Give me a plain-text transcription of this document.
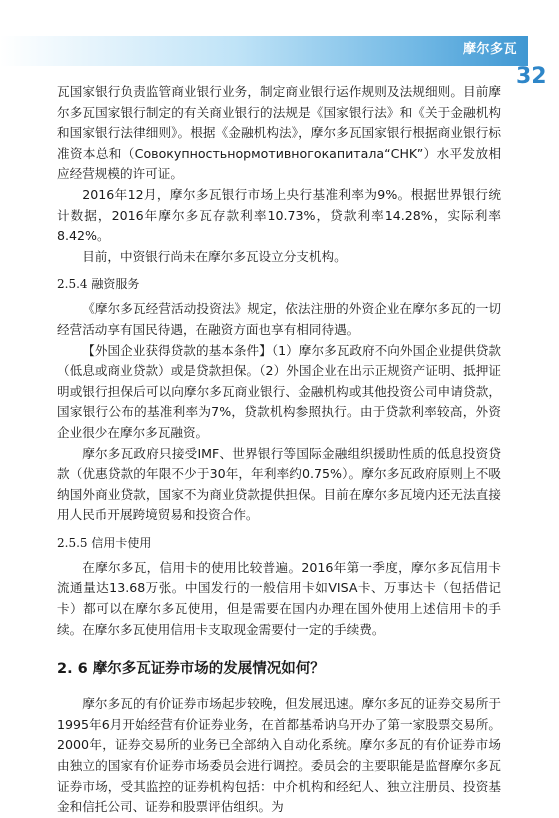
摩尔多瓦
32

瓦国家银行负责监管商业银行业务，制定商业银行运作规则及法规细则。目前摩尔多瓦国家银行制定的有关商业银行的法规是《国家银行法》和《关于金融机构和国家银行法律细则》。根据《金融机构法》，摩尔多瓦国家银行根据商业银行标准资本总和（Совокупностьнормотивногокапитала“CHK”）水平发放相应经营规模的许可证。

2016年12月，摩尔多瓦银行市场上央行基准利率为9%。根据世界银行统计数据，2016年摩尔多瓦存款利率10.73%，贷款利率14.28%，实际利率8.42%。

目前，中资银行尚未在摩尔多瓦设立分支机构。

2.5.4 融资服务

《摩尔多瓦经营活动投资法》规定，依法注册的外资企业在摩尔多瓦的一切经营活动享有国民待遇，在融资方面也享有相同待遇。

【外国企业获得贷款的基本条件】（1）摩尔多瓦政府不向外国企业提供贷款（低息或商业贷款）或是贷款担保。（2）外国企业在出示正规资产证明、抵押证明或银行担保后可以向摩尔多瓦商业银行、金融机构或其他投资公司申请贷款，国家银行公布的基准利率为7%，贷款机构参照执行。由于贷款利率较高，外资企业很少在摩尔多瓦融资。

摩尔多瓦政府只接受IMF、世界银行等国际金融组织援助性质的低息投资贷款（优惠贷款的年限不少于30年，年利率约0.75%）。摩尔多瓦政府原则上不吸纳国外商业贷款，国家不为商业贷款提供担保。目前在摩尔多瓦境内还无法直接用人民币开展跨境贸易和投资合作。

2.5.5 信用卡使用

在摩尔多瓦，信用卡的使用比较普遍。2016年第一季度，摩尔多瓦信用卡流通量达13.68万张。中国发行的一般信用卡如VISA卡、万事达卡（包括借记卡）都可以在摩尔多瓦使用，但是需要在国内办理在国外使用上述信用卡的手续。在摩尔多瓦使用信用卡支取现金需要付一定的手续费。

2. 6 摩尔多瓦证券市场的发展情况如何？

摩尔多瓦的有价证券市场起步较晚，但发展迅速。摩尔多瓦的证券交易所于1995年6月开始经营有价证券业务，在首都基希讷乌开办了第一家股票交易所。2000年，证券交易所的业务已全部纳入自动化系统。摩尔多瓦的有价证券市场由独立的国家有价证券市场委员会进行调控。委员会的主要职能是监督摩尔多瓦证券市场，受其监控的证券机构包括：中介机构和经纪人、独立注册员、投资基金和信托公司、证券和股票评估组织。为
